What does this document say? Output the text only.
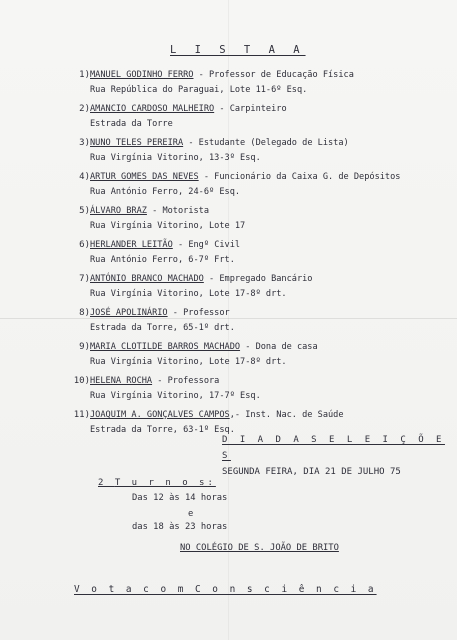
L I S T A A
1) MANUEL GODINHO FERRO - Professor de Educação Física
Rua República do Paraguai, Lote 11-6º Esq.
2) AMANCIO CARDOSO MALHEIRO - Carpinteiro
Estrada da Torre
3) NUNO TELES PEREIRA - Estudante (Delegado de Lista)
Rua Virgínia Vitorino, 13-3º Esq.
4) ARTUR GOMES DAS NEVES - Funcionário da Caixa G. de Depósitos
Rua António Ferro, 24-6º Esq.
5) ÁLVARO BRAZ - Motorista
Rua Virgínia Vitorino, Lote 17
6) HERLANDER LEITÃO - Engº Civil
Rua António Ferro, 6-7º Frt.
7) ANTÓNIO BRANCO MACHADO - Empregado Bancário
Rua Virgínia Vitorino, Lote 17-8º drt.
8) JOSÉ APOLINÁRIO - Professor
Estrada da Torre, 65-1º drt.
9) MARIA CLOTILDE BARROS MACHADO - Dona de casa
Rua Virgínia Vitorino, Lote 17-8º drt.
10) HELENA ROCHA - Professora
Rua Virgínia Vitorino, 17-7º Esq.
11) JOAQUIM A. GONÇALVES CAMPOS,- Inst. Nac. de Saúde
Estrada da Torre, 63-1º Esq.
D I A D A S E L E I Ç Õ E S
SEGUNDA FEIRA, DIA 21 DE JULHO 75
2 T u r n o s:
Das 12 às 14 horas
e
das 18 às 23 horas
NO COLÉGIO DE S. JOÃO DE BRITO
V o t a c o m C o n s c i ê n c i a
